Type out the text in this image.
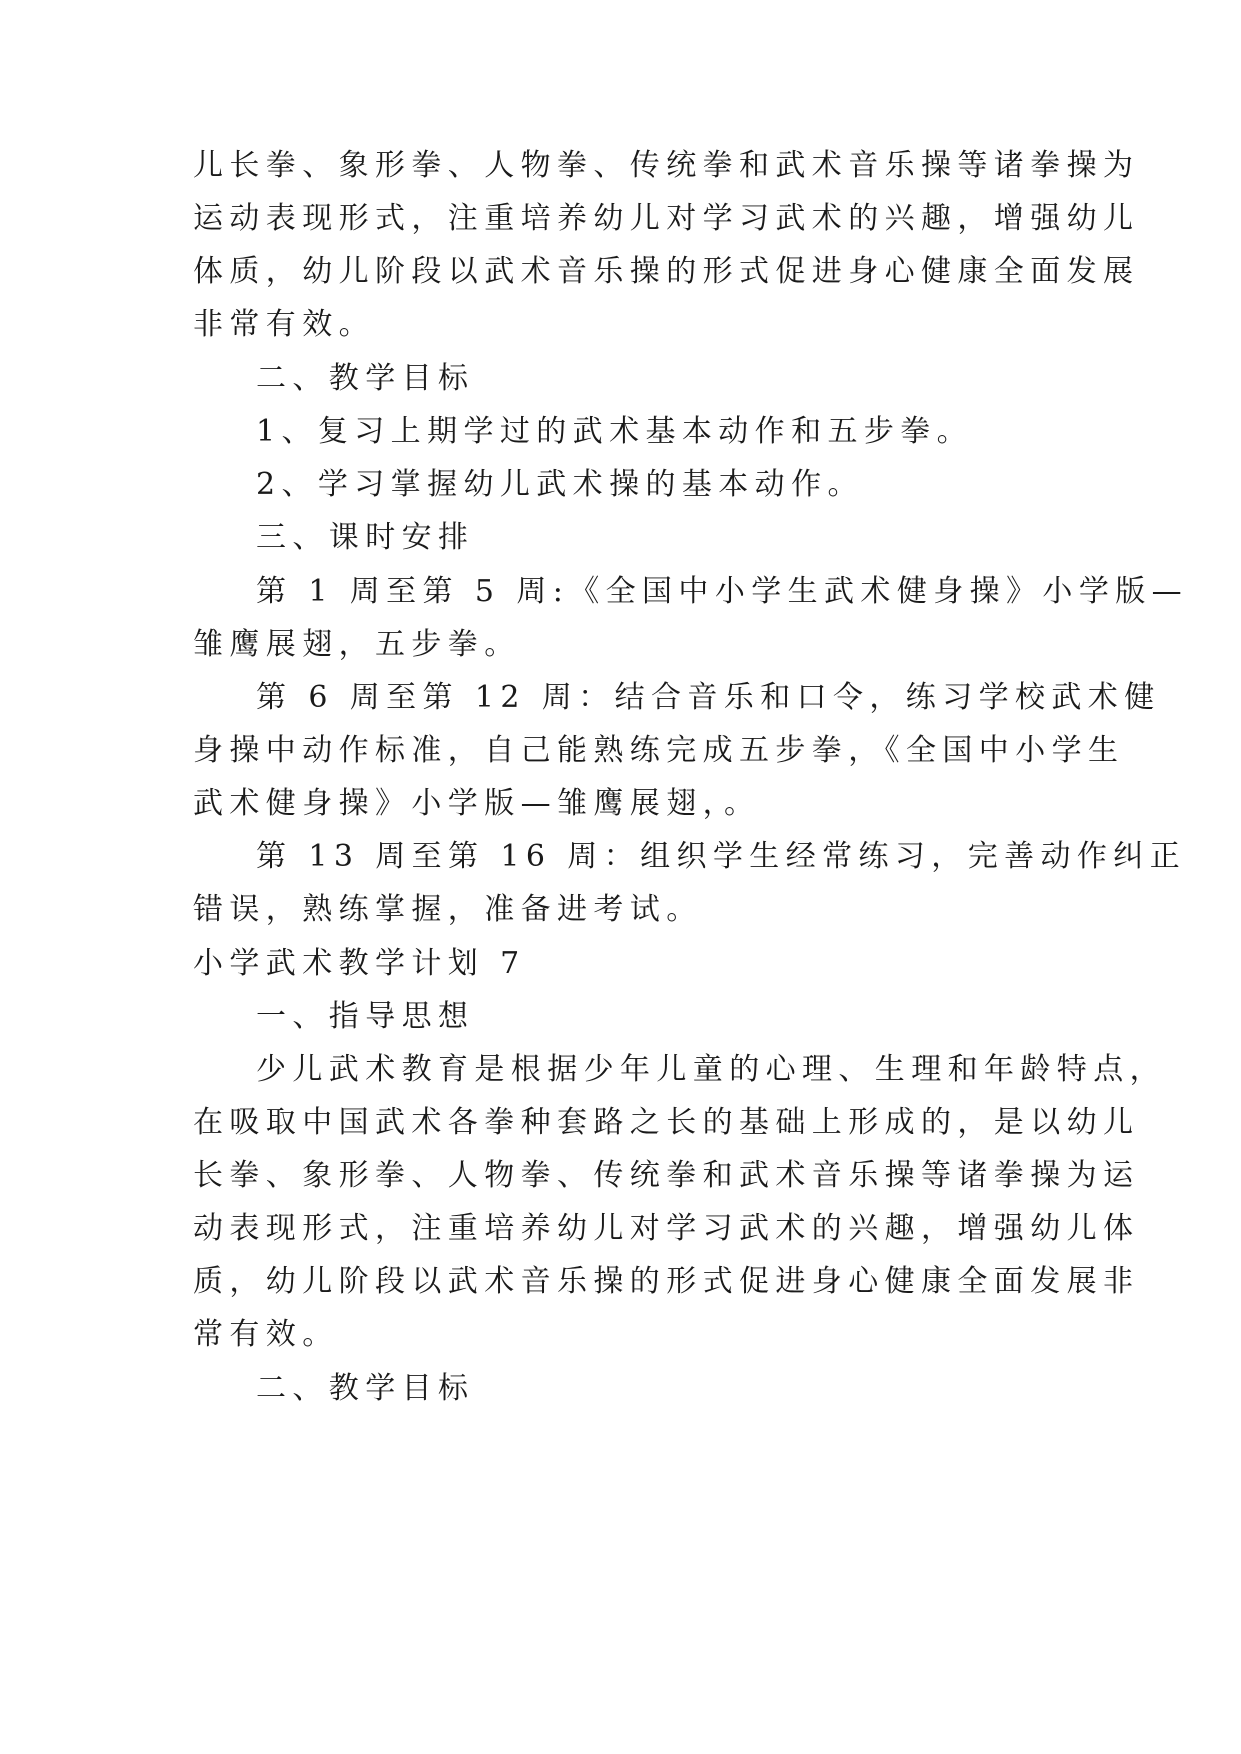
儿长拳、象形拳、人物拳、传统拳和武术音乐操等诸拳操为
运动表现形式，注重培养幼儿对学习武术的兴趣，增强幼儿
体质，幼儿阶段以武术音乐操的形式促进身心健康全面发展
非常有效。
二、教学目标
1、复习上期学过的武术基本动作和五步拳。
2、学习掌握幼儿武术操的基本动作。
三、课时安排
第 1 周至第 5 周:《全国中小学生武术健身操》小学版—
雏鹰展翅，五步拳。
第 6 周至第 12 周：结合音乐和口令，练习学校武术健
身操中动作标准，自己能熟练完成五步拳，《全国中小学生
武术健身操》小学版—雏鹰展翅，。
第 13 周至第 16 周：组织学生经常练习，完善动作纠正
错误，熟练掌握，准备进考试。
小学武术教学计划 7
一、指导思想
少儿武术教育是根据少年儿童的心理、生理和年龄特点，
在吸取中国武术各拳种套路之长的基础上形成的，是以幼儿
长拳、象形拳、人物拳、传统拳和武术音乐操等诸拳操为运
动表现形式，注重培养幼儿对学习武术的兴趣，增强幼儿体
质，幼儿阶段以武术音乐操的形式促进身心健康全面发展非
常有效。
二、教学目标
